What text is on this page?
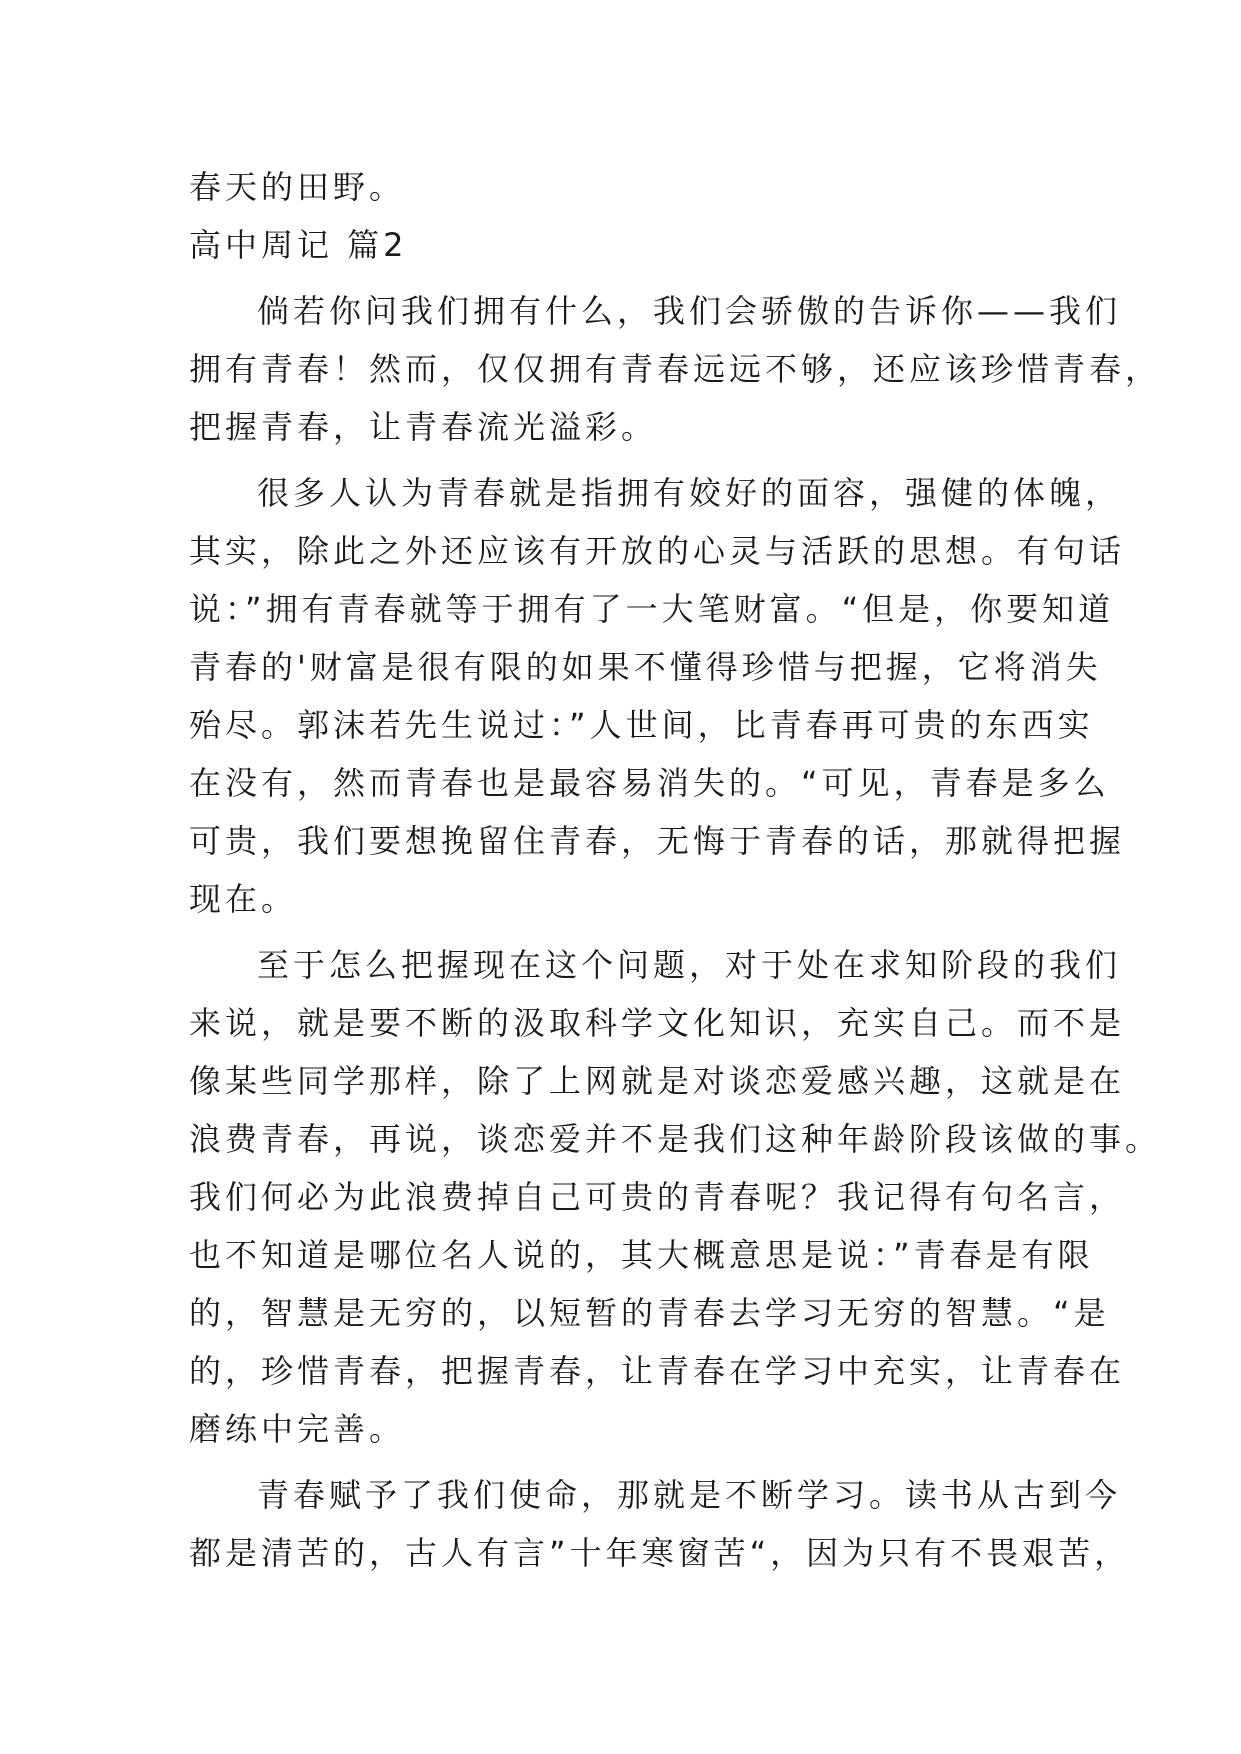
春天的田野。

高中周记 篇2

倘若你问我们拥有什么，我们会骄傲的告诉你——我们

拥有青春！然而，仅仅拥有青春远远不够，还应该珍惜青春，

把握青春，让青春流光溢彩。

很多人认为青春就是指拥有姣好的面容，强健的体魄，

其实，除此之外还应该有开放的心灵与活跃的思想。有句话

说：”拥有青春就等于拥有了一大笔财富。“但是，你要知道

青春的'财富是很有限的如果不懂得珍惜与把握，它将消失

殆尽。郭沫若先生说过：”人世间，比青春再可贵的东西实

在没有，然而青春也是最容易消失的。“可见，青春是多么

可贵，我们要想挽留住青春，无悔于青春的话，那就得把握

现在。

至于怎么把握现在这个问题，对于处在求知阶段的我们

来说，就是要不断的汲取科学文化知识，充实自己。而不是

像某些同学那样，除了上网就是对谈恋爱感兴趣，这就是在

浪费青春，再说，谈恋爱并不是我们这种年龄阶段该做的事。

我们何必为此浪费掉自己可贵的青春呢？我记得有句名言，

也不知道是哪位名人说的，其大概意思是说：”青春是有限

的，智慧是无穷的，以短暂的青春去学习无穷的智慧。“是

的，珍惜青春，把握青春，让青春在学习中充实，让青春在

磨练中完善。

青春赋予了我们使命，那就是不断学习。读书从古到今

都是清苦的，古人有言”十年寒窗苦“，因为只有不畏艰苦，
